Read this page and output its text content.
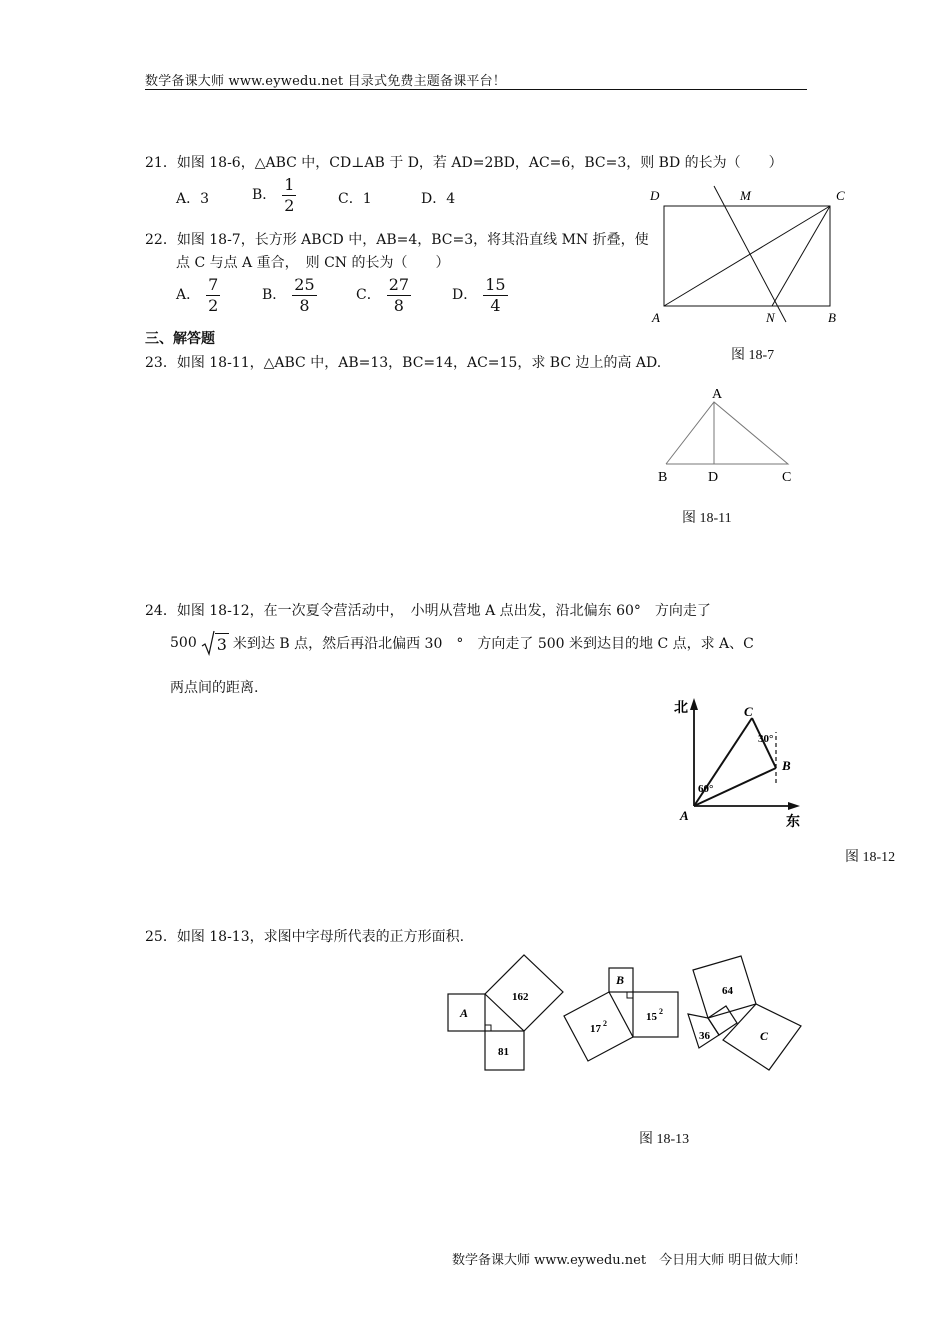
数学备课大师 www.eywedu.net 目录式免费主题备课平台！
21．如图 18-6，△ABC 中，CD⊥AB 于 D，若 AD=2BD，AC=6，BC=3，则 BD 的长为（　　）
A．3	B． $\frac{1}{2}$	C．1	D．4
22．如图 18-7，长方形 ABCD 中，AB=4，BC=3，将其沿直线 MN 折叠，使
点 C 与点 A 重合，　则 CN 的长为（　　）
A． $\frac{7}{2}$	B． $\frac{25}{8}$	C． $\frac{27}{8}$	D． $\frac{15}{4}$
三、解答题
23．如图 18-11，△ABC 中，AB=13，BC=14，AC=15，求 BC 边上的高 AD.
D	M	C
A	N	B
图 18-7
A
B	D	C
图 18-11
24．如图 18-12，在一次夏令营活动中，　小明从营地 A 点出发，沿北偏东 60°　方向走了
500 3 米到达 B 点，然后再沿北偏西 30　°　方向走了 500 米到达目的地 C 点，求 A、C
两点间的距离.
北
东
A
B
C
60°
30°
图 18-12
25．如图 18-13，求图中字母所代表的正方形面积.
A
162
81
B
17 2
15 2
64
36	C
图 18-13
数学备课大师 www.eywedu.net　今日用大师 明日做大师！
